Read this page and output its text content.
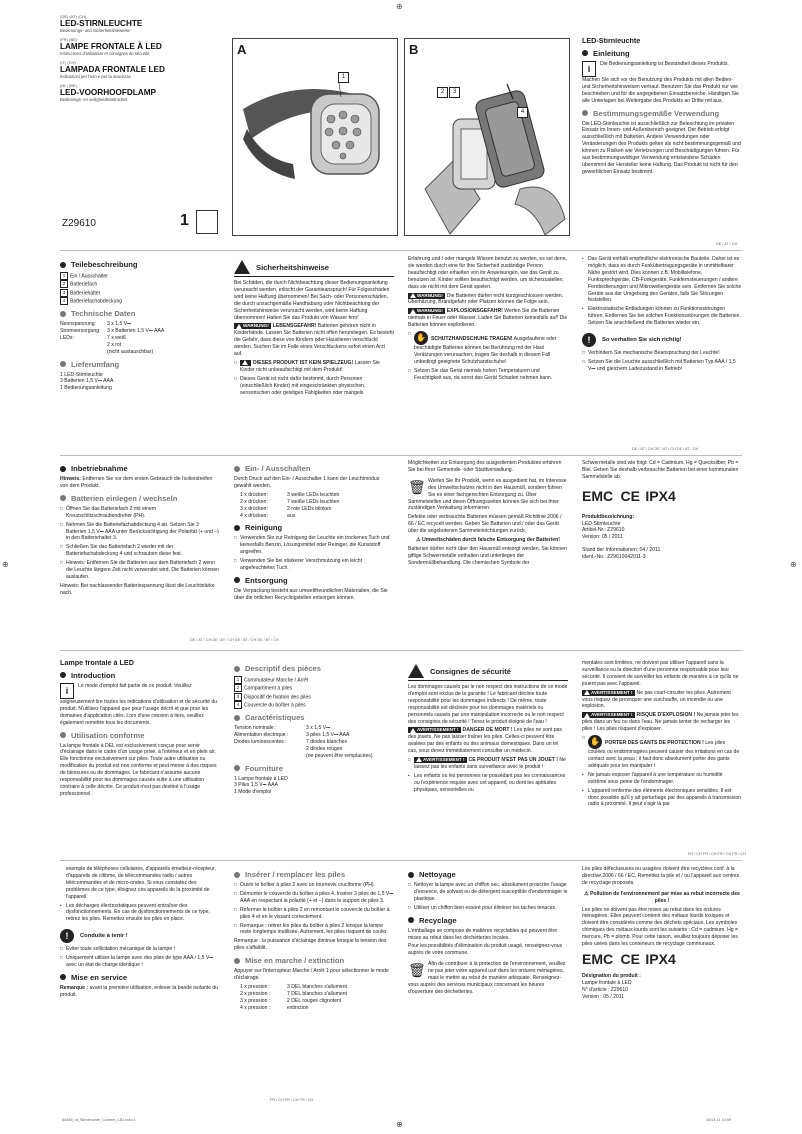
⊕
⊕
⊕	⊕
(DE) (AT) (CH)
LED-STIRNLEUCHTE
Bedienungs- und Sicherheitshinweise
(FR) (BE)
LAMPE FRONTALE À LED
Instructions d'utilisation et consignes de sécurité
(IT) (CH)
LAMPADA FRONTALE LED
Indicazioni per l'uso e per la sicurezza
(NL) (BE)
LED-VOORHOOFDLAMP
Bedienings- en veiligheidsinstructies
Z29610	1
A
1
B
2	3
4
LED-Stirnleuchte
Einleitung

i Die Bedienungsanleitung ist Bestandteil dieses Produkts. Machen Sie sich vor der Benutzung des Produkts mit allen Bedien- und Sicherheitshinweisen vertraut. Benutzen Sie das Produkt nur wie beschrieben und für die angegebenen Einsatzbereiche. Händigen Sie alle Unterlagen bei Weitergabe des Produkts an Dritte mit aus.

Bestimmungsgemäße Verwendung

Die LED-Stirnleuchte ist ausschließlich zur Beleuchtung im privaten Einsatz im Innen- und Außenbereich geeignet. Der Betrieb erfolgt ausschließlich mit Batterien. Andere Verwendungen oder Veränderungen des Produkts gelten als nicht bestimmungsgemäß und können zu Risiken wie Verletzungen und Beschädigungen führen. Für aus bestimmungswidriger Verwendung entstandene Schäden übernimmt der Hersteller keine Haftung. Das Produkt ist nicht für den gewerblichen Einsatz bestimmt.

DE / AT / CH
Teilebeschreibung
1 Ein / Ausschalter
2 Batteriefach
3 Batteriehalter
4 Batteriefachabdeckung
Technische Daten
Nennspannung:	3 x 1,5 V⎓
Stromversorgung:	3 x Batterien 1,5 V⎓ AAA
LEDs:	7 x weiß
2 x rot
(nicht austauschbar)
Lieferumfang
1 LED-Stirnleuchte
3 Batterien 1,5 V⎓ AAA
1 Bedienungsanleitung
Sicherheitshinweise

Bei Schäden, die durch Nichtbeachtung dieser Bedienungsanleitung verursacht werden, erlischt der Garantieanspruch! Für Folgeschäden wird keine Haftung übernommen! Bei Sach- oder Personenschäden, die durch unsachgemäße Handhabung oder Nichtbeachtung der Sicherheitshinweise verursacht werden, wird keine Haftung übernommen! Halten Sie das Produkt von Wasser fern!

WARNUNG! LEBENSGEFAHR! Batterien gehören nicht in Kinderhände. Lassen Sie Batterien nicht offen herumliegen. Es besteht die Gefahr, dass diese von Kindern oder Haustieren verschluckt werden. Suchen Sie im Falle eines Verschluckens sofort einen Arzt auf.

□ DIESES PRODUKT IST KEIN SPIELZEUG! Lassen Sie Kinder nicht unbeaufsichtigt mit dem Produkt!

□ Dieses Gerät ist nicht dafür bestimmt, durch Personen (einschließlich Kinder) mit eingeschränkten physischen, sensorischen oder geistigen Fähigkeiten oder mangels

Erfahrung und / oder mangels Wissen benutzt zu werden, es sei denn, sie werden durch eine für ihre Sicherheit zuständige Person beaufsichtigt oder erhielten von ihr Anweisungen, wie das Gerät zu benutzen ist. Kinder sollten beaufsichtigt werden, um sicherzustellen, dass sie nicht mit dem Gerät spielen.

WARNUNG! Die Batterien dürfen nicht kurzgeschlossen werden. Überhitzung, Brandgefahr oder Platzen können die Folge sein.

WARNUNG! EXPLOSIONSGEFAHR! Werfen Sie die Batterien niemals in Feuer oder Wasser. Laden Sie Batterien keinesfalls auf! Die Batterien können explodieren.

□ ✋ SCHUTZHANDSCHUHE TRAGEN! Ausgelaufene oder beschädigte Batterien können bei Berührung mit der Haut Verätzungen verursachen; tragen Sie deshalb in diesem Fall unbedingt geeignete Schutzhandschuhe!

□ Setzen Sie das Gerät niemals hohen Temperaturen und Feuchtigkeit aus, da sonst das Gerät Schaden nehmen kann.

• Das Gerät enthält empfindliche elektronische Bauteile. Daher ist es möglich, dass es durch Funkübertragungsgeräte in unmittelbarer Nähe gestört wird. Dies können z.B. Mobiltelefone, Funksprechgeräte, CB-Funkgeräte, Funkfernsteuerungen / andere Fernbedienungen und Mikrowellengeräte sein. Entfernen Sie solche Geräte aus der Umgebung des Gerätes, falls Sie Störungen feststellen.

• Elektrostatische Entladungen können zu Funktionsstörungen führen. Entfernen Sie bei solchen Funktionsstörungen die Batterien. Setzen Sie anschließend die Batterien wieder ein.

!	So verhalten Sie sich richtig!

□ Verhindern Sie mechanische Beanspruchung der Leuchte!

□ Setzen Sie die Leuchte ausschließlich mit Batterien Typ AAA / 1,5 V⎓ und gleichem Ladezustand in Betrieb!

DE / AT / CH DE / AT / CH DE / AT / CH
Inbetriebnahme

Hinweis: Entfernen Sie vor dem ersten Gebrauch die Isolierstreifen von dem Produkt.

Batterien einlegen / wechseln

□ Öffnen Sie das Batteriefach 2 mit einem Kreuzschlitzschraubendreher (PH).

□ Nehmen Sie die Batteriefachabdeckung 4 ab. Setzen Sie 3 Batterien 1,5 V⎓ AAA unter Berücksichtigung der Polarität (+ und –) in den Batteriehalter 3.

□ Schließen Sie das Batteriefach 2 wieder mit der Batteriefachabdeckung 4 und schrauben diese fest.

□ Hinweis: Entfernen Sie die Batterien aus dem Batteriefach 2 wenn die Leuchte längere Zeit nicht verwendet wird. Die Batterien können auslaufen.

Hinweis: Bei nachlassender Batteriespannung lässt die Leuchtstärke nach.

Ein- / Ausschalten

Durch Druck auf den Ein- / Ausschalter 1 kann der Leuchtmodus gewählt werden.

1 x drücken:	3 weiße LEDs leuchten
2 x drücken:	7 weiße LEDs leuchten
3 x drücken:	2 rote LEDs blinken
4 x drücken:	aus
Reinigung

□ Verwenden Sie zur Reinigung der Leuchte ein trockenes Tuch und keinesfalls Benzin, Lösungsmittel oder Reiniger, die Kunststoff angreifen.

□ Verwenden Sie bei stärkerer Verschmutzung ein leicht angefeuchtetes Tuch.

Entsorgung

Die Verpackung besteht aus umweltfreundlichen Materialien, die Sie über die örtlichen Recyclingstellen entsorgen können.

Möglichkeiten zur Entsorgung des ausgedienten Produktes erfahren Sie bei Ihrer Gemeinde- oder Stadtverwaltung.

🗑 Werfen Sie Ihr Produkt, wenn es ausgedient hat, im Interesse des Umweltschutzes nicht in den Hausmüll, sondern führen Sie es einer fachgerechten Entsorgung zu. Über Sammelstellen und deren Öffnungszeiten können Sie sich bei Ihrer zuständigen Verwaltung informieren.

Defekte oder verbrauchte Batterien müssen gemäß Richtlinie 2006 / 66 / EC recycelt werden. Geben Sie Batterien und / oder das Gerät über die angebotenen Sammeleinrichtungen zurück.

⚠ Umweltschäden durch falsche Entsorgung der Batterien!

Batterien dürfen nicht über den Hausmüll entsorgt werden. Sie können giftige Schwermetalle enthalten und unterliegen der Sondermüllbehandlung. Die chemischen Symbole der

Schwermetalle sind wie folgt: Cd = Cadmium, Hg = Quecksilber, Pb = Blei. Geben Sie deshalb verbrauchte Batterien bei einer kommunalen Sammelstelle ab.

EMC CE IPX4
Produktbezeichnung:
LED-Stirnleuchte
Artikel-Nr.: Z29610
Version: 05 / 2011
Stand der Informationen: 04 / 2011
Ident.-No.: Z29610042011-3
DE / AT / CH DE / AT / CH DE / AT / CH DE / AT / CH
Lampe frontale à LED
Introduction

i Le mode d'emploi fait partie de ce produit. Veuillez soigneusement lire toutes les indications d'utilisation et de sécurité du produit. N'utilisez l'appareil que pour l'usage décrit et que pour les domaines d'application cités. Lors d'une cession à tiers, veuillez également remettre tous les documents.

Utilisation conforme

La lampe frontale à DEL est exclusivement conçue pour servir d'éclairage dans le cadre d'un usage privé, à l'intérieur et en plein air. Elle fonctionne exclusivement sur piles. Toute autre utilisation ou modification du produit est non conforme et peut mener à des risques de blessures ou de dommages. Le fabricant n'assume aucune responsabilité pour les dommages causés suite à une utilisation contraire à celle décrite. Ce produit n'est pas destiné à l'usage professionnel.

Descriptif des pièces
1 Commutateur Marche / Arrêt
2 Compartiment à piles
3 Dispositif de fixation des piles
4 Couvercle du boîtier à piles
Caractéristiques
Tension nominale :	3 x 1,5 V⎓
Alimentation électrique :	3 piles 1,5 V⎓ AAA
Diodes luminescentes :	7 diodes blanches
2 diodes rouges
(ne peuvent être remplacées)
Fourniture
1 Lampe frontale à LED
3 Piles 1,5 V⎓ AAA
1 Mode d'emploi
Consignes de sécurité

Les dommages causés par le non respect des instructions de ce mode d'emploi sont exclus de la garantie ! Le fabricant décline toute responsabilité pour les dommages indirects ! De même, toute responsabilité est déclinée pour les dommages matériels ou personnels causés par une manipulation incorrecte ou le non respect des consignes de sécurité ! Tenez le produit éloigné de l'eau !

AVERTISSEMENT ! DANGER DE MORT ! Les piles ne sont pas des jouets. Ne pas laisser traîner les piles. Celles-ci peuvent être avalées par des enfants ou des animaux domestiques. Dans un tel cas, vous devez immédiatement consulter un médecin.

□ AVERTISSEMENT ! CE PRODUIT N'EST PAS UN JOUET ! Ne laissez pas les enfants sans surveillance avec le produit !

• Les enfants ou les personnes ne possédant pas les connaissances ou l'expérience requise avec cet appareil, ou dont les aptitudes physiques, sensorielles ou

mentales sont limitées, ne doivent pas utiliser l'appareil sans la surveillance ou la direction d'une personne responsable pour leur sécurité. Il convient de surveiller les enfants de manière à ce qu'ils ne jouent pas avec l'appareil.

AVERTISSEMENT ! Ne pas court-circuiter les piles. Autrement vous risquez de provoquer une surchauffe, un incendie ou une explosion.

AVERTISSEMENT ! RISQUE D'EXPLOSION ! Ne jamais jeter les piles dans un feu ou dans l'eau. Ne jamais tenter de recharger les piles ! Les piles risquent d'exploser.

□ ✋ PORTER DES GANTS DE PROTECTION ! Les piles coulées ou endommagées peuvent causer des irritations en cas de contact avec la peau ; il faut donc absolument porter des gants adéquats pour les manipuler !

• Ne jamais exposer l'appareil à une température ou humidité extrême sous peine de l'endommager.

• L'appareil renferme des éléments électroniques sensibles. Il est donc possible qu'il y ait perturbage par des appareils à transmission radio à proximité. Il peut s'agir là par

FR / CH FR / CH FR / CH FR / CH

exemple de téléphones cellulaires, d'appareils émetteur-récepteur, d'appareils de citibme, de télécommandes radio / autres télécommandes et de micro-ondes. Si vous constatez des problèmes de ce type, éloignez ces appareils de la proximité de l'appareil.

• Les décharges électrostatiques peuvent entraîner des dysfonctionnements. En cas de dysfonctionnements de ce type, retirez les piles. Remettez ensuite les piles en place.

!	Conduite à tenir !

□ Éviter toute sollicitation mécanique de la lampe !

□ Uniquement utiliser la lampe avec des piles de type AAA / 1,5 V⎓ avec un état de charge identique !

Mise en service

Remarque : avant la première utilisation, enlever la bande isolante du produit.

Insérer / remplacer les piles

□ Ouvrir le boîtier à piles 2 avec un tournevis cruciforme (PH).

□ Démonter le couvercle du boîtier à piles 4. Insérer 3 piles de 1,5 V⎓ AAA en respectant la polarité (+ et –) dans le support de piles 3.

□ Refermer le boîtier à piles 2 en remontant le couvercle du boîtier à piles 4 et en le vissant correctement.

□ Remarque : retirer les piles du boîtier à piles 2 lorsque la lampe reste longtemps inutilisée. Autrement, les piles risquent de couler.

Remarque : la puissance d'éclairage diminue lorsque la tension des piles s'affaiblit.

Mise en marche / extinction

Appuyer sur l'interrupteur Marche / Arrêt 1 pour sélectionner le mode d'éclairage.

1 x pression :	3 DEL blanches s'allument
2 x pression :	7 DEL blanches s'allument
3 x pression :	2 DEL rouges clignotent
4 x pression :	extinction
Nettoyage

□ Nettoyer la lampe avec un chiffon sec, absolument proscrire l'usage d'essence, de solvant ou de détergent susceptible d'endommager le plastique.

□ Utiliser un chiffon bien essoré pour éliminer les taches tenaces.

Recyclage

L'emballage se compose de matières recyclables qui peuvent être mises au rebut dans les déchetteries locales.

Pour les possibilités d'élimination du produit usagé, renseignez-vous auprès de votre commune.

🗑 Afin de contribuer à la protection de l'environnement, veuillez ne pas jeter votre appareil usé dans les ordures ménagères, mais le mettre au rebut de manière adéquate. Renseignez-vous auprès des services municipaux concernant les heures d'ouverture des déchetteries.

Les piles défectueuses ou usagées doivent être recyclées conf. à la directive 2006 / 66 / EC. Remettez la pile et / ou l'appareil aux centres de recyclage proposés.

⚠ Pollution de l'environnement par mise au rebut incorrecte des piles !

Les piles ne doivent pas être mises au rebut dans les ordures ménagères. Elles peuvent contenir des métaux lourds toxiques et doivent être considérés comme des déchets spéciaux. Les symboles chimiques des métaux lourds sont les suivants : Cd = cadmium, Hg = mercure, Pb = plomb. Pour cette raison, veuillez toujours déposer les piles usées dans les conteneurs de recyclage communaux.

EMC CE IPX4
Désignation du produit :
Lampe frontale à LED
N° d'article : Z29610
Version : 05 / 2011
FR / CH FR / CH FR / CH
64466_ot_Stirnleuchte_Content_LB1.indd 1	18.04.11 10:59
